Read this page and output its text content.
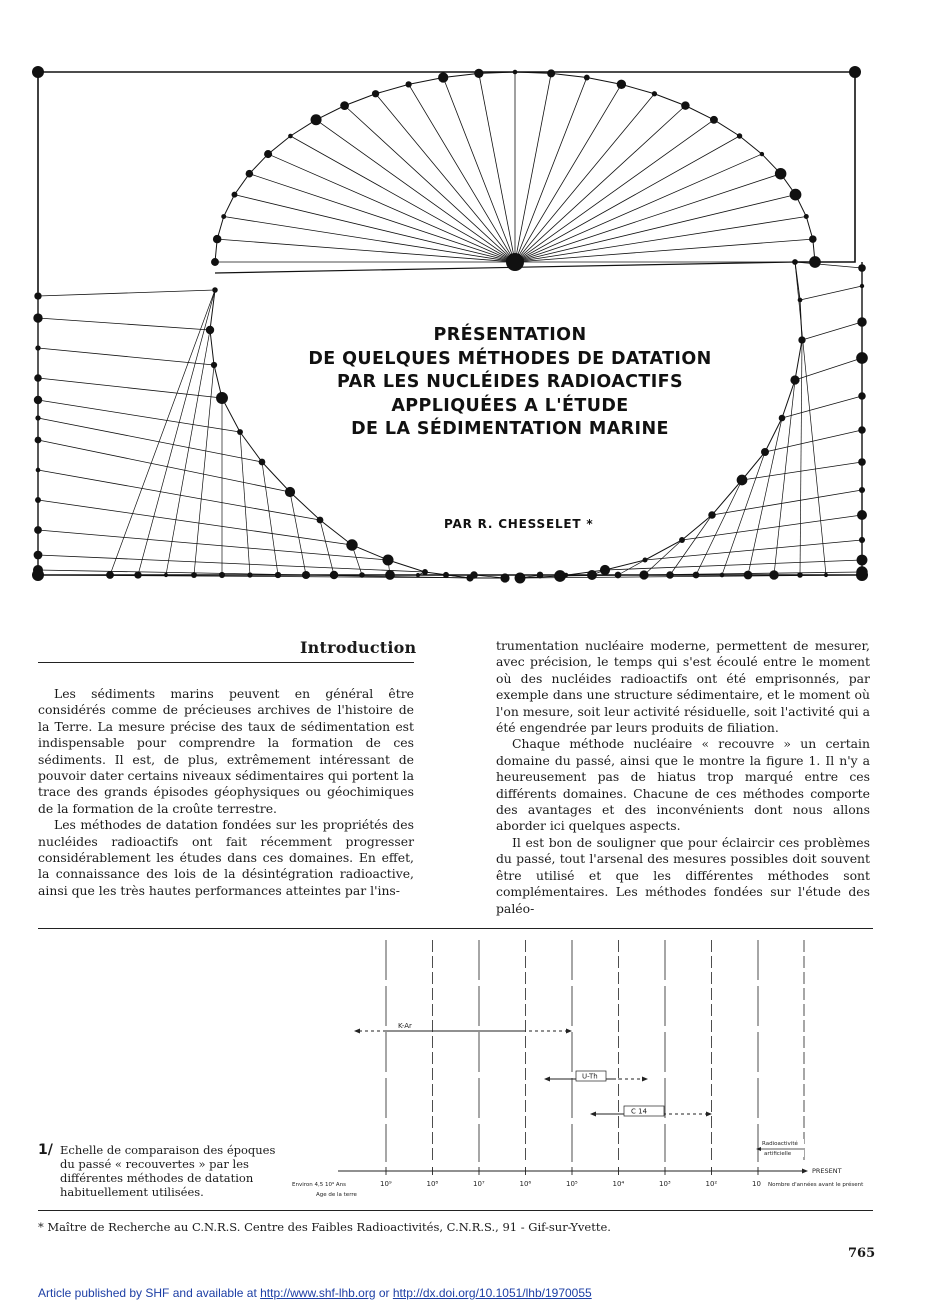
PRÉSENTATION
DE QUELQUES MÉTHODES DE DATATION
PAR LES NUCLÉIDES RADIOACTIFS
APPLIQUÉES A L'ÉTUDE
DE LA SÉDIMENTATION MARINE
PAR R. CHESSELET *
Introduction

Les sédiments marins peuvent en général être considérés comme de précieuses archives de l'histoire de la Terre. La mesure précise des taux de sédimentation est indispensable pour comprendre la formation de ces sédiments. Il est, de plus, extrêmement intéressant de pouvoir dater certains niveaux sédimentaires qui portent la trace des grands épisodes géophysiques ou géochimiques de la formation de la croûte terrestre.

Les méthodes de datation fondées sur les propriétés des nucléides radioactifs ont fait récemment progresser considérablement les études dans ces domaines. En effet, la connaissance des lois de la désintégration radioactive, ainsi que les très hautes performances atteintes par l'ins-

trumentation nucléaire moderne, permettent de mesurer, avec précision, le temps qui s'est écoulé entre le moment où des nucléides radioactifs ont été emprisonnés, par exemple dans une structure sédimentaire, et le moment où l'on mesure, soit leur activité résiduelle, soit l'activité qui a été engendrée par leurs produits de filiation.

Chaque méthode nucléaire « recouvre » un certain domaine du passé, ainsi que le montre la figure 1. Il n'y a heureusement pas de hiatus trop marqué entre ces différents domaines. Chacune de ces méthodes comporte des avantages et des inconvénients dont nous allons aborder ici quelques aspects.

Il est bon de souligner que pour éclaircir ces problèmes du passé, tout l'arsenal des mesures possibles doit souvent être utilisé et que les différentes méthodes sont complémentaires. Les méthodes fondées sur l'étude des paléo-

K-Ar
U-Th
C 14
Radioactivité
artificielle
PRESENT
10⁹	10⁸	10⁷	10⁶	10⁵	10⁴	10³	10²	10
Environ 4,5 10⁹ Ans
Age de la terre
Nombre d'années avant le présent
1/ Echelle de comparaison des époques du passé « recouvertes » par les différentes méthodes de datation habituellement utilisées.
* Maître de Recherche au C.N.R.S. Centre des Faibles Radioactivités, C.N.R.S., 91 - Gif-sur-Yvette.
765
Article published by SHF and available at http://www.shf-lhb.org or http://dx.doi.org/10.1051/lhb/1970055
